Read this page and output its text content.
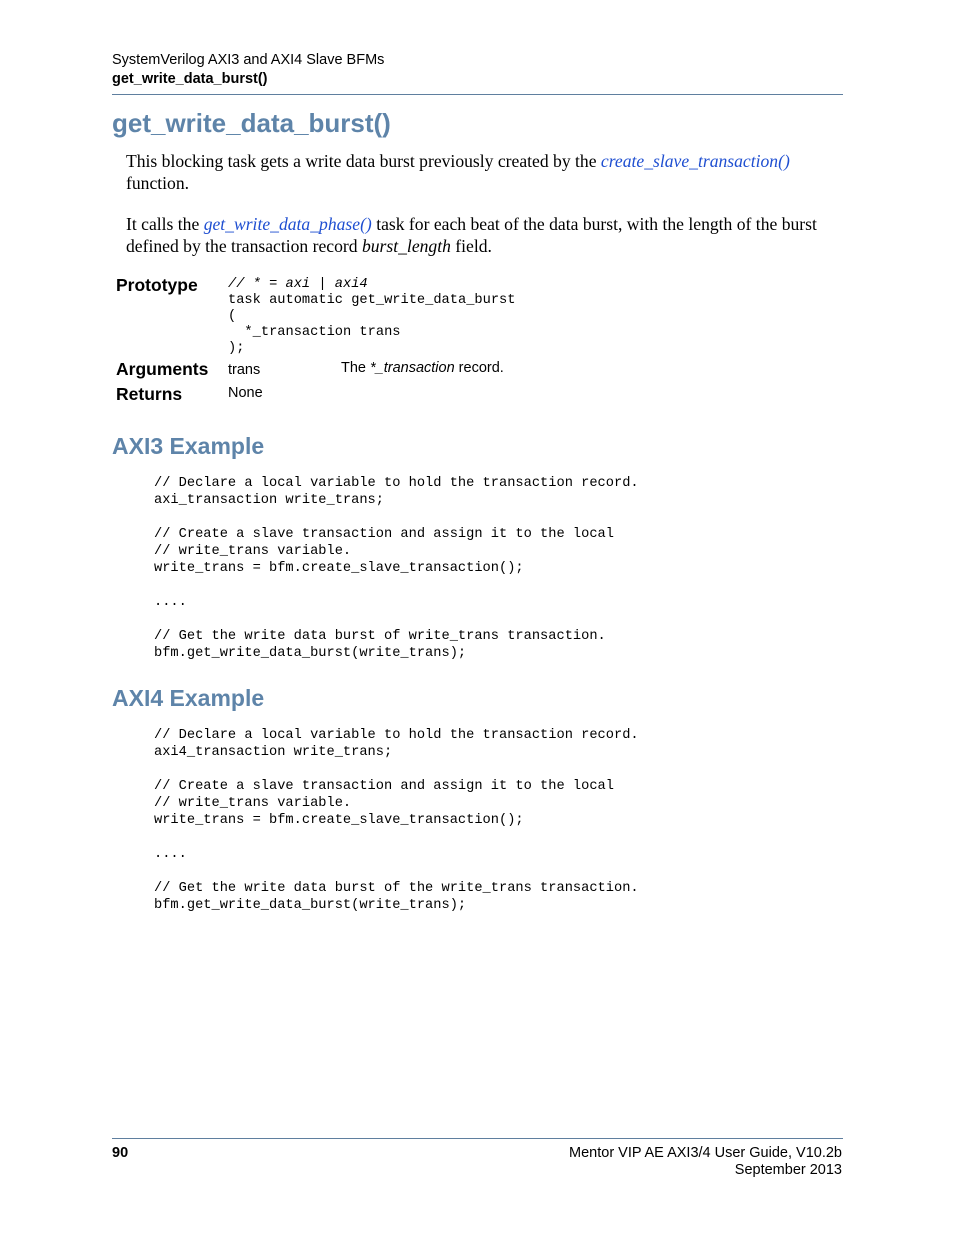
SystemVerilog AXI3 and AXI4 Slave BFMs
get_write_data_burst()
get_write_data_burst()
This blocking task gets a write data burst previously created by the create_slave_transaction()
function.
It calls the get_write_data_phase() task for each beat of the data burst, with the length of the burst defined by the transaction record burst_length field.
Prototype // * = axi | axi4
task automatic get_write_data_burst
(
*_transaction trans
);
Arguments trans	The *_transaction record.
Returns	None
AXI3 Example
// Declare a local variable to hold the transaction record.
axi_transaction write_trans;
// Create a slave transaction and assign it to the local
// write_trans variable.
write_trans = bfm.create_slave_transaction();
....
// Get the write data burst of write_trans transaction.
bfm.get_write_data_burst(write_trans);
AXI4 Example
// Declare a local variable to hold the transaction record.
axi4_transaction write_trans;
// Create a slave transaction and assign it to the local
// write_trans variable.
write_trans = bfm.create_slave_transaction();
....
// Get the write data burst of the write_trans transaction.
bfm.get_write_data_burst(write_trans);
90	Mentor VIP AE AXI3/4 User Guide, V10.2b
September 2013
